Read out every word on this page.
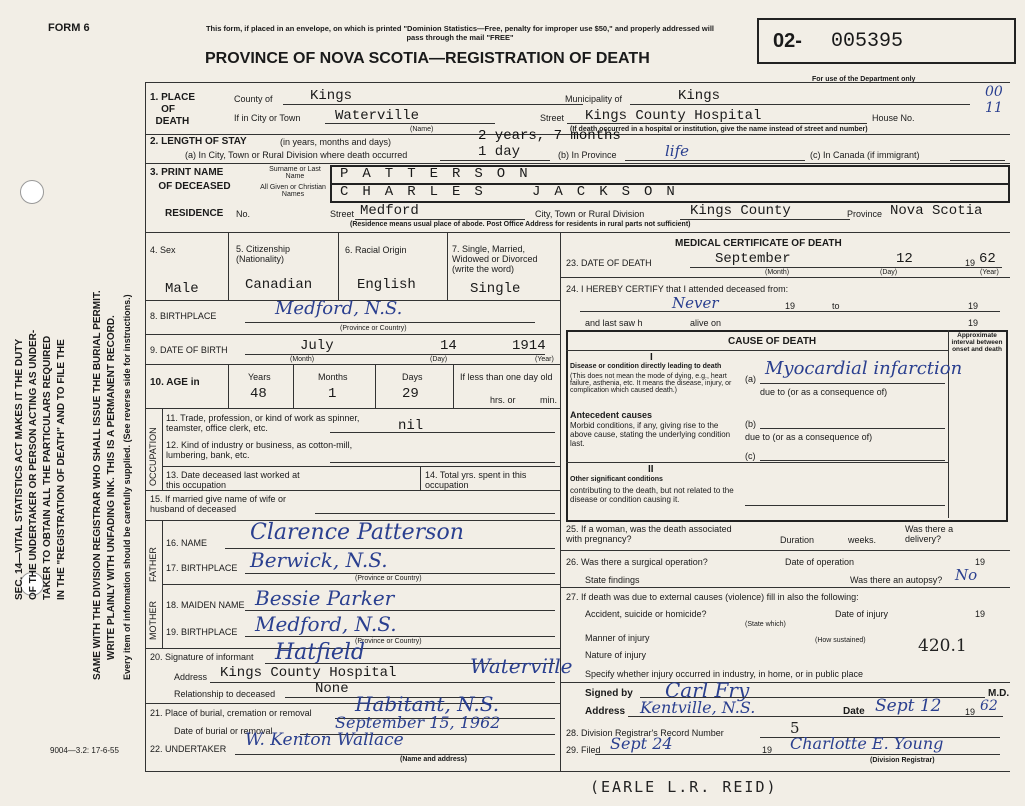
FORM 6	This form, if placed in an envelope, on which is printed "Dominion Statistics—Free, penalty for improper use $50," and properly addressed will pass through the mail "FREE"
PROVINCE OF NOVA SCOTIA—REGISTRATION OF DEATH
02- 005395
For use of the Department only
SEC. 14—VITAL STATISTICS ACT MAKES IT THE DUTY OF THE UNDERTAKER OR PERSON ACTING AS UNDER- TAKER TO OBTAIN ALL THE PARTICULARS REQUIRED IN THE "REGISTRATION OF DEATH" AND TO FILE THE	SAME WITH THE DIVISION REGISTRAR WHO SHALL ISSUE THE BURIAL PERMIT. WRITE PLAINLY WITH UNFADING INK. THIS IS A PERMANENT RECORD. Every item of information should be carefully supplied. (See reverse side for instructions.)
9004—3.2: 17-6-55
1. PLACE
OF
DEATH
County of	Kings	Municipality of	Kings
If in City or Town Waterville
(Name)
Street Kings County Hospital	House No.
(If death occurred in a hospital or institution, give the name instead of street and number)
00 11
2. LENGTH OF STAY	(in years, months and days)	2 years, 7 months
(a) In City, Town or Rural Division where death occurred	1 day	(b) In Province	life	(c) In Canada (if immigrant)
3. PRINT NAME
OF DECEASED
Surname or Last Name	PATTERSON
All Given or Christian Names	CHARLES	JACKSON
RESIDENCE No.	Street Medford	City, Town or Rural Division	Kings County	Province Nova Scotia
(Residence means usual place of abode. Post Office Address for residents in rural parts not sufficient)
4. Sex	5. Citizenship (Nationality)
6. Racial Origin	7. Single, Married, Widowed or Divorced (write the word)
Male	Canadian	English	Single
8. BIRTHPLACE	Medford, N.S.
(Province or Country)
9. DATE OF BIRTH	July	14	1914
(Month)	(Day)	(Year)
10. AGE in	Years	Months	Days	If less than one day old
48	1	29	hrs. or	min.
OCCUPATION
11. Trade, profession, or kind of work as spinner, teamster, office clerk, etc.	nil
12. Kind of industry or business, as cotton-mill, lumbering, bank, etc.
13. Date deceased last worked at this occupation
14. Total yrs. spent in this occupation
15. If married give name of wife or husband of deceased
FATHER
MOTHER
16. NAME Clarence Patterson
17. BIRTHPLACE Berwick, N.S.
(Province or Country)
18. MAIDEN NAME Bessie Parker
19. BIRTHPLACE Medford, N.S.
(Province or Country)
20. Signature of informant Hatfield
Address Kings County Hospital	Waterville
Relationship to deceased	None
21. Place of burial, cremation or removal Habitant, N.S.
Date of burial or removal	September 15, 1962
22. UNDERTAKER W. Kenton Wallace
(Name and address)
MEDICAL CERTIFICATE OF DEATH
23. DATE OF DEATH	September	12	19 62
(Month)	(Day)	(Year)
24. I HEREBY CERTIFY that I attended deceased from:
Never	19	to	19
and last saw h	alive on	19
CAUSE OF DEATH
Approximate interval between onset and death
I
Disease or condition directly leading to death
(This does not mean the mode of dying, e.g., heart failure, asthenia, etc. It means the disease, injury, or complication which caused death.)
(a) Myocardial infarction
due to (or as a consequence of)
Antecedent causes
Morbid conditions, if any, giving rise to the above cause, stating the underlying condition last.
(b)
due to (or as a consequence of)
(c)
II
Other significant conditions
contributing to the death, but not related to the disease or condition causing it.
25. If a woman, was the death associated with pregnancy?	Duration	weeks.
Was there a delivery?
26. Was there a surgical operation?	Date of operation	19
State findings	Was there an autopsy? No
27. If death was due to external causes (violence) fill in also the following:
Accident, suicide or homicide?	Date of injury	19
(State which)
Manner of injury	(How sustained)	420.1
Nature of injury
Specify whether injury occurred in industry, in home, or in public place
Signed by Carl Fry	M.D.
Address Kentville, N.S.	Date Sept 12	19 62
28. Division Registrar's Record Number	5
29. Filed Sept 24	19 Charlotte E. Young
(Division Registrar)
(EARLE L.R. REID)
